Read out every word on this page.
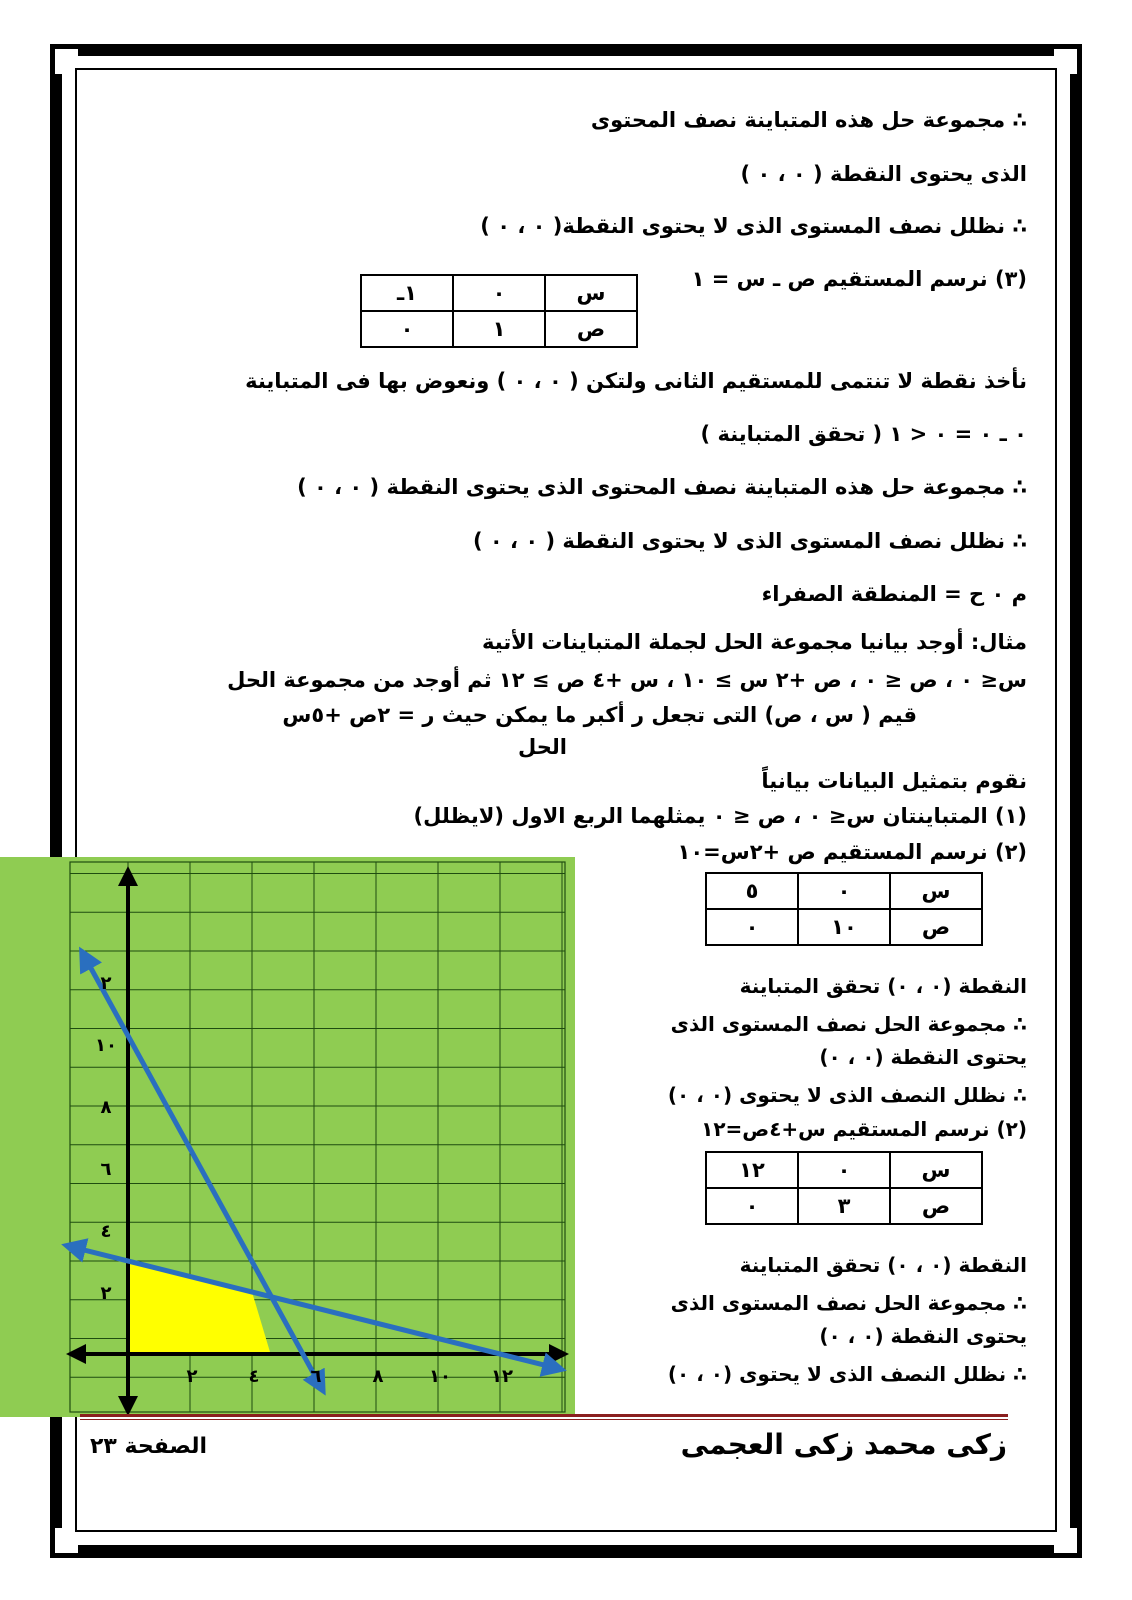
∴ مجموعة حل هذه المتباينة نصف المحتوى
الذى يحتوى النقطة ( ٠ ، ٠ )
∴ نظلل نصف المستوى الذى لا يحتوى النقطة( ٠ ، ٠ )
(٣) نرسم المستقيم ص ـ س = ١
س	٠	١ـ
ص	١	٠
نأخذ نقطة لا تنتمى للمستقيم الثانى ولتكن ( ٠ ، ٠ ) ونعوض بها فى المتباينة
٠ ـ ٠ = ٠ < ١ ( تحقق المتباينة )
∴ مجموعة حل هذه المتباينة نصف المحتوى الذى يحتوى النقطة ( ٠ ، ٠ )
∴ نظلل نصف المستوى الذى لا يحتوى النقطة ( ٠ ، ٠ )
م ٠ ح = المنطقة الصفراء
مثال: أوجد بيانيا مجموعة الحل لجملة المتباينات الأتية
س≤ ٠ ، ص ≤ ٠ ، ص +٢ س ≥ ١٠ ، س +٤ ص ≥ ١٢ ثم أوجد من مجموعة الحل
قيم ( س ، ص) التى تجعل ر أكبر ما يمكن حيث ر = ٢ص +٥س
الحل
نقوم بتمثيل البيانات بيانياً
(١) المتباينتان س≤ ٠ ، ص ≤ ٠ يمثلهما الربع الاول (لايظلل)
(٢) نرسم المستقيم ص +٢س=١٠
س	٠	٥
ص	١٠	٠
النقطة (٠ ، ٠) تحقق المتباينة
∴ مجموعة الحل نصف المستوى الذى
يحتوى النقطة (٠ ، ٠)
∴ نظلل النصف الذى لا يحتوى (٠ ، ٠)
(٢) نرسم المستقيم س+٤ص=١٢
س	٠	١٢
ص	٣	٠
النقطة (٠ ، ٠) تحقق المتباينة
∴ مجموعة الحل نصف المستوى الذى
يحتوى النقطة (٠ ، ٠)
∴ نظلل النصف الذى لا يحتوى (٠ ، ٠)
٢	٤	٦	٨	١٠ ١٢
٢
٤
٦
٨
١٠
٢
زكى محمد زكى العجمى
الصفحة ٢٣
